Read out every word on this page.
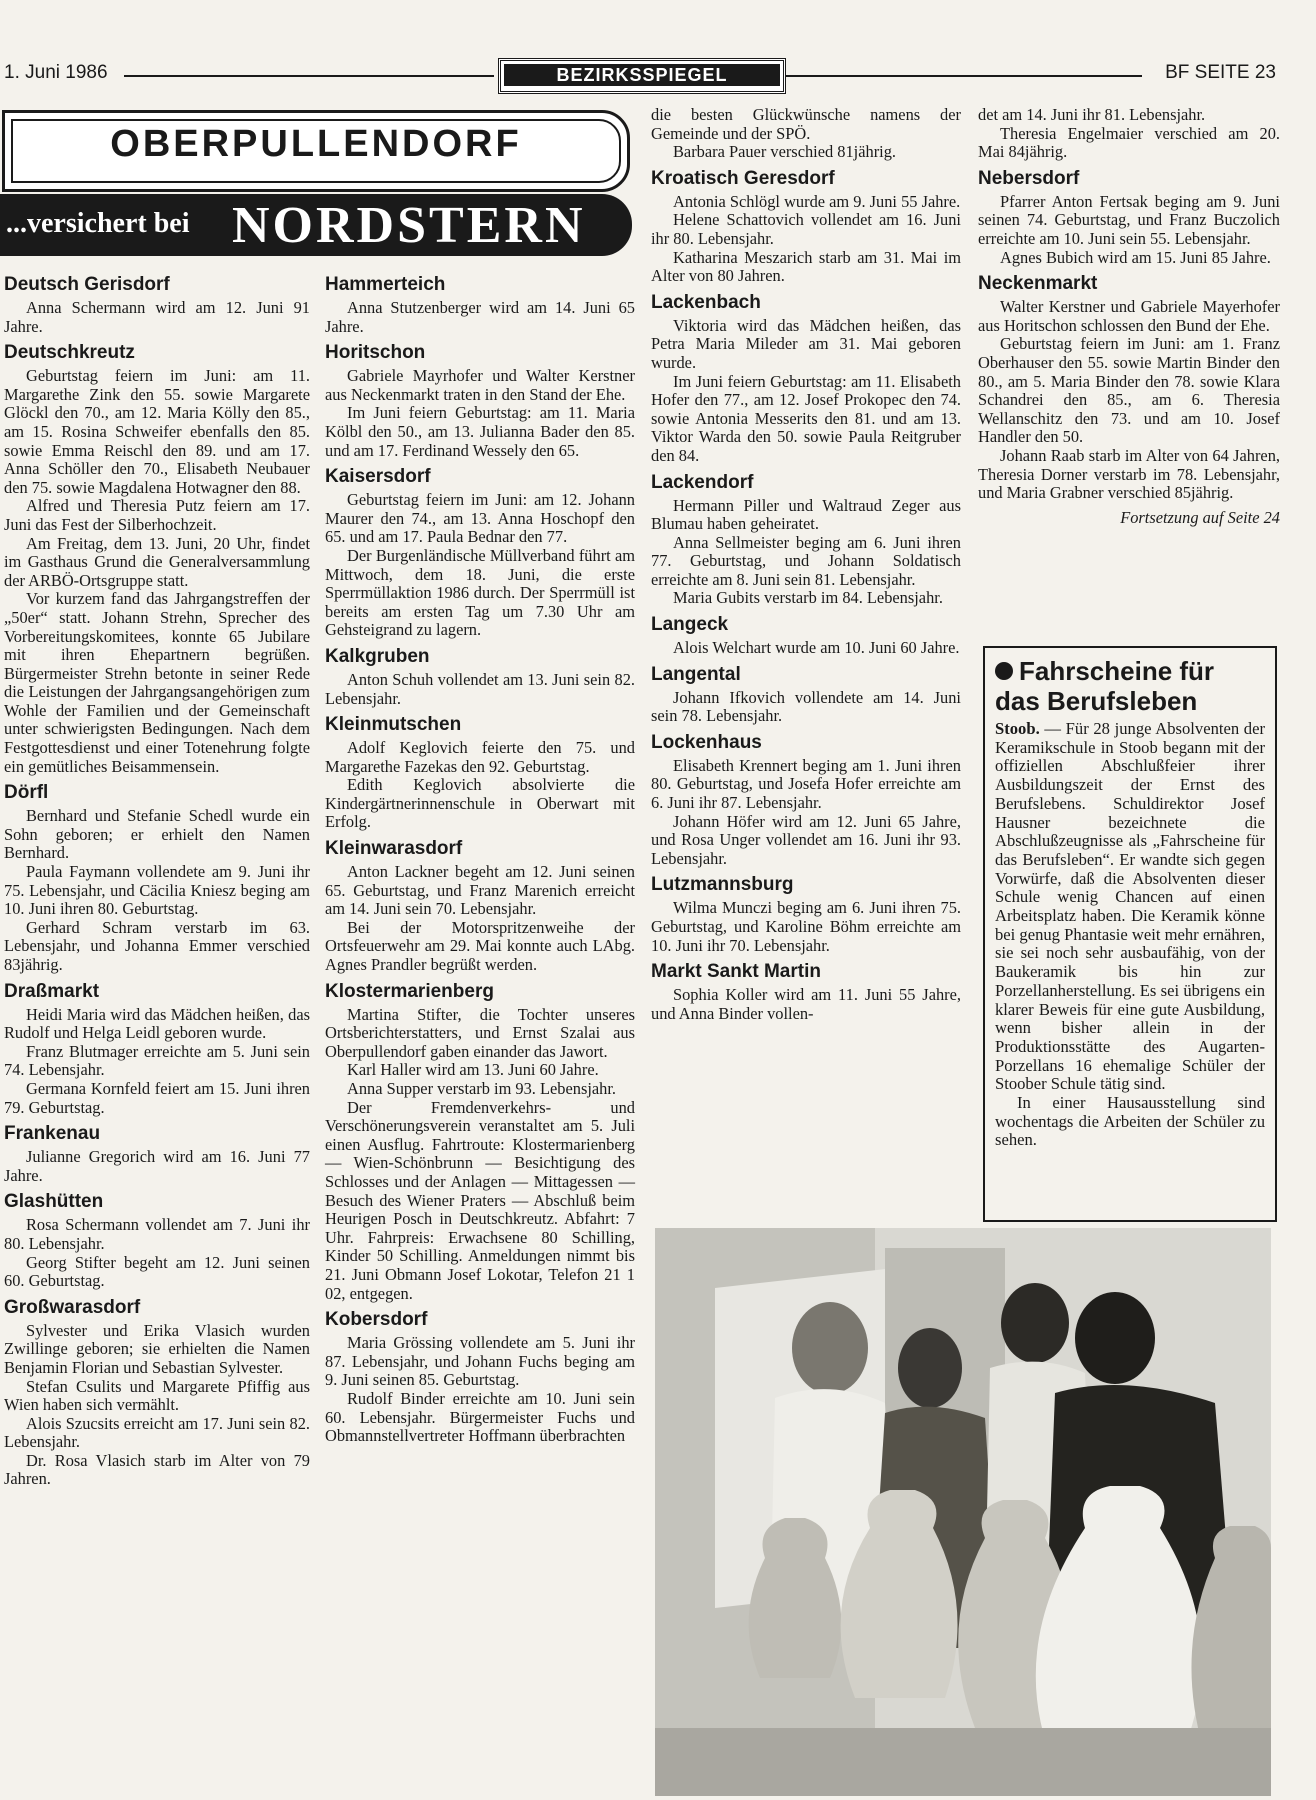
1. Juni 1986	BEZIRKSSPIEGEL	BF SEITE 23
OBERPULLENDORF
...versichert bei NORDSTERN
Deutsch Gerisdorf

Anna Schermann wird am 12. Juni 91 Jahre.

Deutschkreutz

Geburtstag feiern im Juni: am 11. Margarethe Zink den 55. sowie Margarete Glöckl den 70., am 12. Maria Kölly den 85., am 15. Rosina Schweifer ebenfalls den 85. sowie Emma Reischl den 89. und am 17. Anna Schöller den 70., Elisabeth Neubauer den 75. sowie Magdalena Hotwagner den 88.

Alfred und Theresia Putz feiern am 17. Juni das Fest der Silberhochzeit.

Am Freitag, dem 13. Juni, 20 Uhr, findet im Gasthaus Grund die Generalversammlung der ARBÖ-Ortsgruppe statt.

Vor kurzem fand das Jahrgangstreffen der „50er“ statt. Johann Strehn, Sprecher des Vorbereitungskomitees, konnte 65 Jubilare mit ihren Ehepartnern begrüßen. Bürgermeister Strehn betonte in seiner Rede die Leistungen der Jahrgangsangehörigen zum Wohle der Familien und der Gemeinschaft unter schwierigsten Bedingungen. Nach dem Festgottesdienst und einer Totenehrung folgte ein gemütliches Beisammensein.

Dörfl

Bernhard und Stefanie Schedl wurde ein Sohn geboren; er erhielt den Namen Bernhard.

Paula Faymann vollendete am 9. Juni ihr 75. Lebensjahr, und Cäcilia Kniesz beging am 10. Juni ihren 80. Geburtstag.

Gerhard Schram verstarb im 63. Lebensjahr, und Johanna Emmer verschied 83jährig.

Draßmarkt

Heidi Maria wird das Mädchen heißen, das Rudolf und Helga Leidl geboren wurde.

Franz Blutmager erreichte am 5. Juni sein 74. Lebensjahr.

Germana Kornfeld feiert am 15. Juni ihren 79. Geburtstag.

Frankenau

Julianne Gregorich wird am 16. Juni 77 Jahre.

Glashütten

Rosa Schermann vollendet am 7. Juni ihr 80. Lebensjahr.

Georg Stifter begeht am 12. Juni seinen 60. Geburtstag.

Großwarasdorf

Sylvester und Erika Vlasich wurden Zwillinge geboren; sie erhielten die Namen Benjamin Florian und Sebastian Sylvester.

Stefan Csulits und Margarete Pfiffig aus Wien haben sich vermählt.

Alois Szucsits erreicht am 17. Juni sein 82. Lebensjahr.

Dr. Rosa Vlasich starb im Alter von 79 Jahren.

Hammerteich

Anna Stutzenberger wird am 14. Juni 65 Jahre.

Horitschon

Gabriele Mayrhofer und Walter Kerstner aus Neckenmarkt traten in den Stand der Ehe.

Im Juni feiern Geburtstag: am 11. Maria Kölbl den 50., am 13. Julianna Bader den 85. und am 17. Ferdinand Wessely den 65.

Kaisersdorf

Geburtstag feiern im Juni: am 12. Johann Maurer den 74., am 13. Anna Hoschopf den 65. und am 17. Paula Bednar den 77.

Der Burgenländische Müllverband führt am Mittwoch, dem 18. Juni, die erste Sperrmüllaktion 1986 durch. Der Sperrmüll ist bereits am ersten Tag um 7.30 Uhr am Gehsteigrand zu lagern.

Kalkgruben

Anton Schuh vollendet am 13. Juni sein 82. Lebensjahr.

Kleinmutschen

Adolf Keglovich feierte den 75. und Margarethe Fazekas den 92. Geburtstag.

Edith Keglovich absolvierte die Kindergärtnerinnenschule in Oberwart mit Erfolg.

Kleinwarasdorf

Anton Lackner begeht am 12. Juni seinen 65. Geburtstag, und Franz Marenich erreicht am 14. Juni sein 70. Lebensjahr.

Bei der Motorspritzenweihe der Ortsfeuerwehr am 29. Mai konnte auch LAbg. Agnes Prandler begrüßt werden.

Klostermarienberg

Martina Stifter, die Tochter unseres Ortsberichterstatters, und Ernst Szalai aus Oberpullendorf gaben einander das Jawort.

Karl Haller wird am 13. Juni 60 Jahre.

Anna Supper verstarb im 93. Lebensjahr.

Der Fremdenverkehrs- und Verschönerungsverein veranstaltet am 5. Juli einen Ausflug. Fahrtroute: Klostermarienberg — Wien-Schönbrunn — Besichtigung des Schlosses und der Anlagen — Mittagessen — Besuch des Wiener Praters — Abschluß beim Heurigen Posch in Deutschkreutz. Abfahrt: 7 Uhr. Fahrpreis: Erwachsene 80 Schilling, Kinder 50 Schilling. Anmeldungen nimmt bis 21. Juni Obmann Josef Lokotar, Telefon 21 1 02, entgegen.

Kobersdorf

Maria Grössing vollendete am 5. Juni ihr 87. Lebensjahr, und Johann Fuchs beging am 9. Juni seinen 85. Geburtstag.

Rudolf Binder erreichte am 10. Juni sein 60. Lebensjahr. Bürgermeister Fuchs und Obmannstellvertreter Hoffmann überbrachten

die besten Glückwünsche namens der Gemeinde und der SPÖ.

Barbara Pauer verschied 81jährig.

Kroatisch Geresdorf

Antonia Schlögl wurde am 9. Juni 55 Jahre.

Helene Schattovich vollendet am 16. Juni ihr 80. Lebensjahr.

Katharina Meszarich starb am 31. Mai im Alter von 80 Jahren.

Lackenbach

Viktoria wird das Mädchen heißen, das Petra Maria Mileder am 31. Mai geboren wurde.

Im Juni feiern Geburtstag: am 11. Elisabeth Hofer den 77., am 12. Josef Prokopec den 74. sowie Antonia Messerits den 81. und am 13. Viktor Warda den 50. sowie Paula Reitgruber den 84.

Lackendorf

Hermann Piller und Waltraud Zeger aus Blumau haben geheiratet.

Anna Sellmeister beging am 6. Juni ihren 77. Geburtstag, und Johann Soldatisch erreichte am 8. Juni sein 81. Lebensjahr.

Maria Gubits verstarb im 84. Lebensjahr.

Langeck

Alois Welchart wurde am 10. Juni 60 Jahre.

Langental

Johann Ifkovich vollendete am 14. Juni sein 78. Lebensjahr.

Lockenhaus

Elisabeth Krennert beging am 1. Juni ihren 80. Geburtstag, und Josefa Hofer erreichte am 6. Juni ihr 87. Lebensjahr.

Johann Höfer wird am 12. Juni 65 Jahre, und Rosa Unger vollendet am 16. Juni ihr 93. Lebensjahr.

Lutzmannsburg

Wilma Munczi beging am 6. Juni ihren 75. Geburtstag, und Karoline Böhm erreichte am 10. Juni ihr 70. Lebensjahr.

Markt Sankt Martin

Sophia Koller wird am 11. Juni 55 Jahre, und Anna Binder vollen-

det am 14. Juni ihr 81. Lebensjahr.

Theresia Engelmaier verschied am 20. Mai 84jährig.

Nebersdorf

Pfarrer Anton Fertsak beging am 9. Juni seinen 74. Geburtstag, und Franz Buczolich erreichte am 10. Juni sein 55. Lebensjahr.

Agnes Bubich wird am 15. Juni 85 Jahre.

Neckenmarkt

Walter Kerstner und Gabriele Mayerhofer aus Horitschon schlossen den Bund der Ehe.

Geburtstag feiern im Juni: am 1. Franz Oberhauser den 55. sowie Martin Binder den 80., am 5. Maria Binder den 78. sowie Klara Schandrei den 85., am 6. Theresia Wellanschitz den 73. und am 10. Josef Handler den 50.

Johann Raab starb im Alter von 64 Jahren, Theresia Dorner verstarb im 78. Lebensjahr, und Maria Grabner verschied 85jährig.

Fortsetzung auf Seite 24

Fahrscheine für das Berufsleben

Stoob. — Für 28 junge Absolventen der Keramikschule in Stoob begann mit der offiziellen Abschlußfeier ihrer Ausbildungszeit der Ernst des Berufslebens. Schuldirektor Josef Hausner bezeichnete die Abschlußzeugnisse als „Fahrscheine für das Berufsleben“. Er wandte sich gegen Vorwürfe, daß die Absolventen dieser Schule wenig Chancen auf einen Arbeitsplatz haben. Die Keramik könne bei genug Phantasie weit mehr ernähren, sie sei noch sehr ausbaufähig, von der Baukeramik bis hin zur Porzellanherstellung. Es sei übrigens ein klarer Beweis für eine gute Ausbildung, wenn bisher allein in der Produktionsstätte des Augarten-Porzellans 16 ehemalige Schüler der Stoober Schule tätig sind.

In einer Hausausstellung sind wochentags die Arbeiten der Schüler zu sehen.
